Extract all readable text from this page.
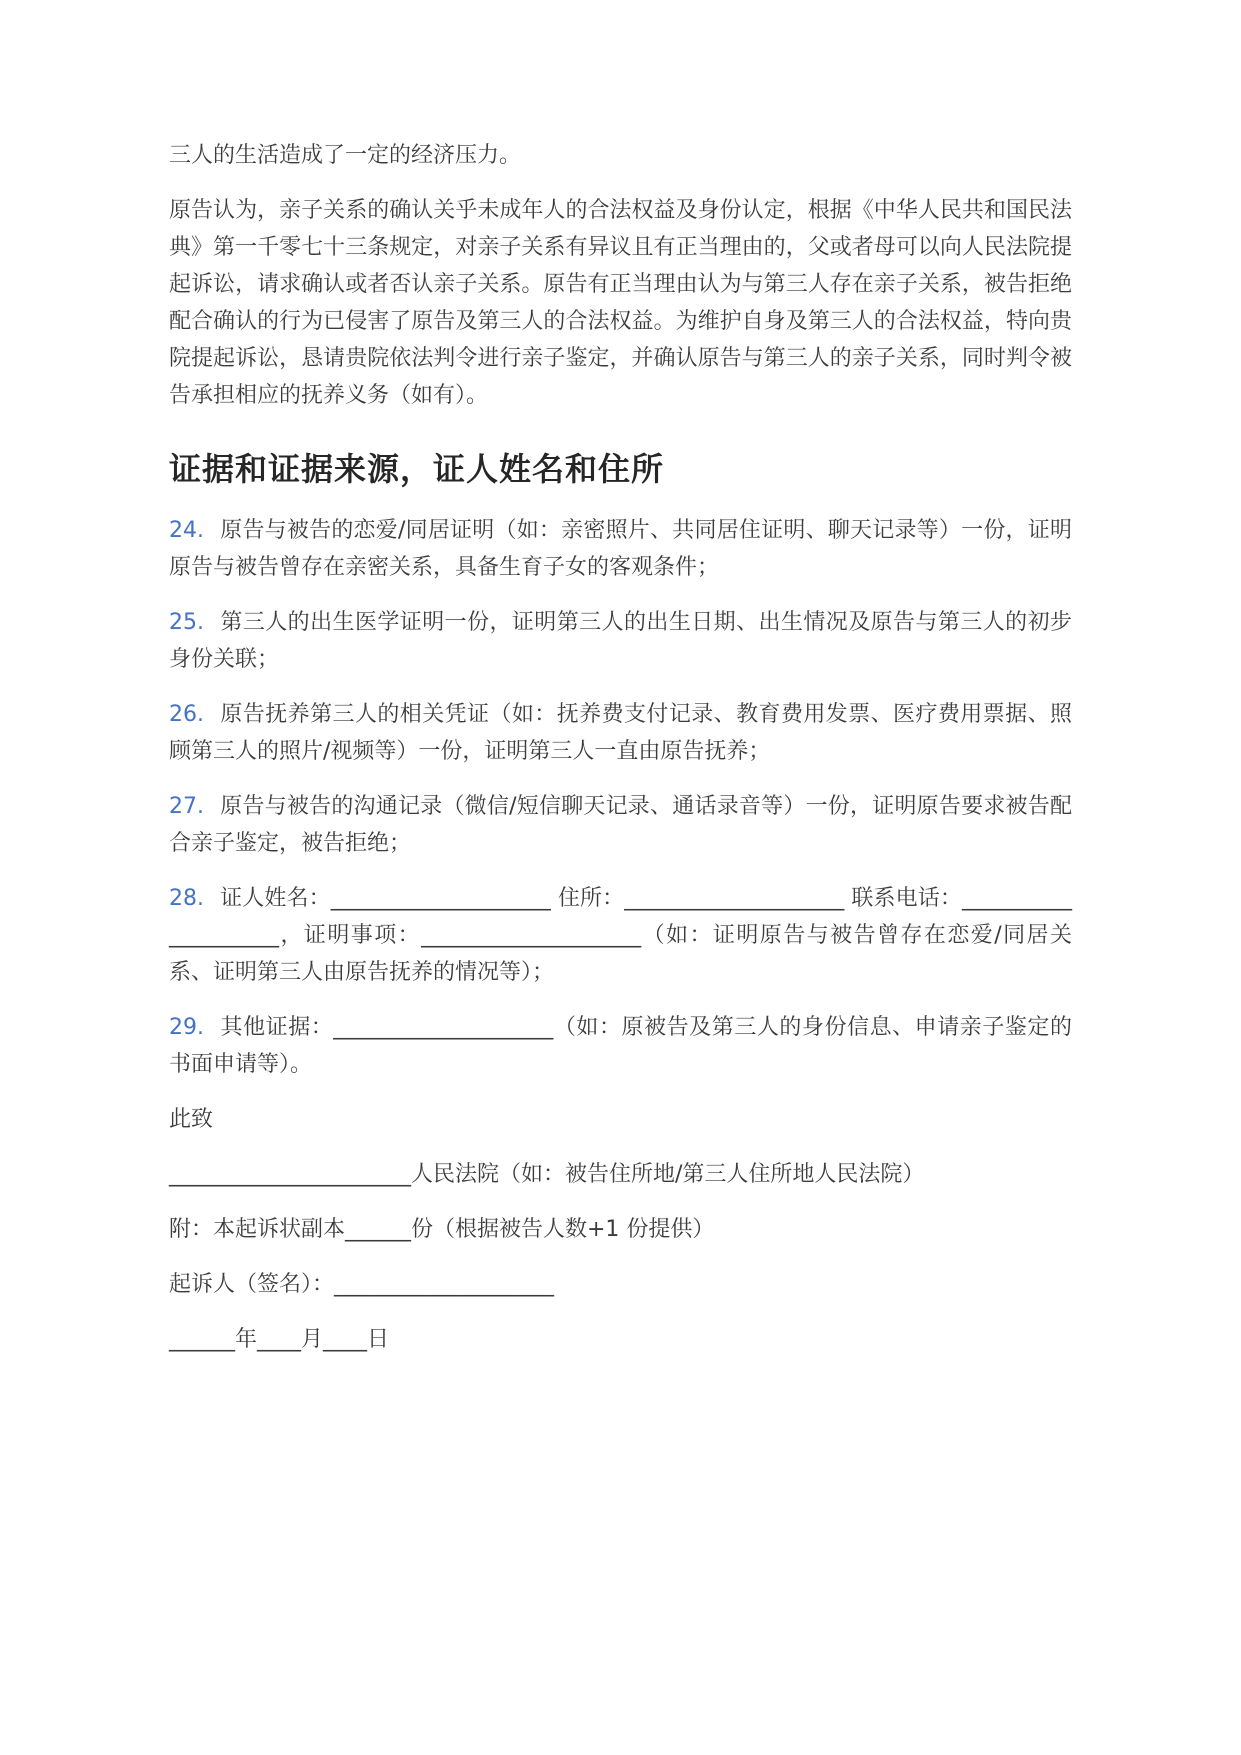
三人的生活造成了一定的经济压力。

原告认为，亲子关系的确认关乎未成年人的合法权益及身份认定，根据《中华人民共和国民法典》第一千零七十三条规定，对亲子关系有异议且有正当理由的，父或者母可以向人民法院提起诉讼，请求确认或者否认亲子关系。原告有正当理由认为与第三人存在亲子关系，被告拒绝配合确认的行为已侵害了原告及第三人的合法权益。为维护自身及第三人的合法权益，特向贵院提起诉讼，恳请贵院依法判令进行亲子鉴定，并确认原告与第三人的亲子关系，同时判令被告承担相应的抚养义务（如有）。

证据和证据来源，证人姓名和住所

24. 原告与被告的恋爱/同居证明（如：亲密照片、共同居住证明、聊天记录等）一份，证明原告与被告曾存在亲密关系，具备生育子女的客观条件；

25. 第三人的出生医学证明一份，证明第三人的出生日期、出生情况及原告与第三人的初步身份关联；

26. 原告抚养第三人的相关凭证（如：抚养费支付记录、教育费用发票、医疗费用票据、照顾第三人的照片/视频等）一份，证明第三人一直由原告抚养；

27. 原告与被告的沟通记录（微信/短信聊天记录、通话录音等）一份，证明原告要求被告配合亲子鉴定，被告拒绝；

28. 证人姓名：____________________ 住所：____________________ 联系电话：____________________，证明事项：____________________（如：证明原告与被告曾存在恋爱/同居关系、证明第三人由原告抚养的情况等）；

29. 其他证据：____________________（如：原被告及第三人的身份信息、申请亲子鉴定的书面申请等）。

此致

______________________人民法院（如：被告住所地/第三人住所地人民法院）

附：本起诉状副本______份（根据被告人数+1 份提供）

起诉人（签名）：____________________

______年____月____日
